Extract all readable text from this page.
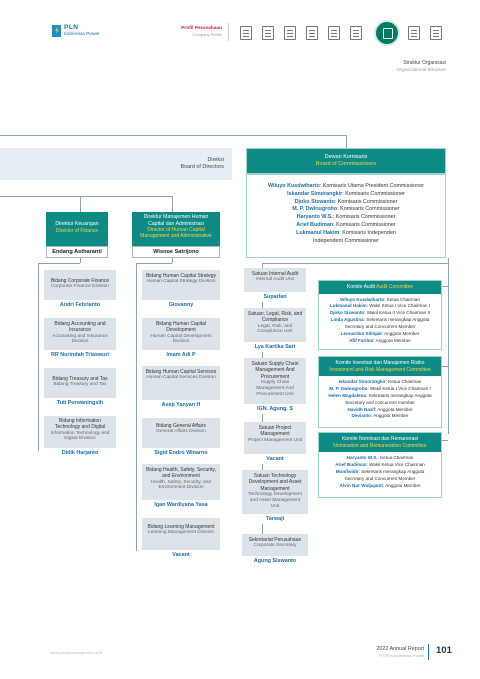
PLN
Indonesia Power
Profil Perusahaan
Company Profile
Struktur Organisasi
Organizational Structure
Direksi
Board of Directors
Direktur Keuangan
Director of Finance
Endang Astharanti
Direktur Manajemen Human Capital dan Administrasi
Director of Human Capital Management and Administrative
Wisnoe Satrijono
Bidang Corporate Finance
Corporate Finance Division
Andri Febrianto
Bidang Accounting and Insurance
Accounting and Insurance Division
RR Nurindah Triaswuri
Bidang Treasury and Tax
Bidang Treasury and Tax
Tuti Purwaningsih
Bidang Information Technology and Digital
Information Technology and Digital Division
Didik Harjanto
Bidang Human Capital Strategy
Human Capital Strategy Division
Giovanny
Bidang Human Capital Development
Human Capital Development Division
Imam Adi P
Bidang Human Capital Services
Human Capital Services Division
Asep Yanyan H
Bidang General Affairs
General Affairs Division
Sigid Endro Winarno
Bidang Health, Safety, Security, and Environment
Health, Safety, Security, and Environment Division
Igan Wardiyana Yasa
Bidang Learning Management
Learning Management Division
Vacant
Satuan Internal Audit
Internal Audit Unit
Suparlan
Satuan, Legal, Risk, and Compliance
Legal, Risk, and Compliance Unit
Lya Kartika Sari
Satuan Supply Chain Management And Procurement
Supply Chain Management And Procurement Unit
IGN. Agung. S
Satuan Project Management
Project Management Unit
Vacant
Satuan Technology Development and Asset Management
Technology Development and Asset Management Unit
Tarwaji
Sekretariat Perusahaan
Corporate Secretary
Agung Siswanto
Dewan Komisaris
Board of Commissioners
Wiluyo Kusdwiharto: Komisaris Utama President Commissioner
Iskandar Simorangkir: Komisaris Commissioner
Djoko Siswanto: Komisaris Commissioner
M. P. Dwinugroho: Komisaris Commissioner
Haryanto W.S.: Komisaris Commissioner
Arief Budiman: Komisaris Commissioner
Lukmanul Hakim: Komisaris Independen
Independent Commissioner
Komite Audit Audit Committee
Wiluyo Kusdwiharto: Ketua Chairman
Lukmanul Hakim: Wakil Ketua I Vice Chairman I
Djoko Siswanto: Wakil Ketua II Vice Chairman II
Linda Agustina: Sekretaris merangkap Anggota
Secretary and Concurrent Member
Leonardus Sitinjak: Anggota Member
Afif Farihin: Anggota Member
Komite Investasi dan Manajemen Risiko
Investment and Risk Management Committee
Iskandar Simorangkir: Ketua Chairman
M. P. Dwinugroho: Wakil Ketua I Vice Chairman I
Helen Magdalena: Sekretaris merangkap Anggota
Secretary and concurrent member
Havidh Nazif: Anggota Member
Devianto: Anggota Member
Komite Nominasi dan Remunerasi
Nomination and Remuneration Committee
Haryanto W.S.: Ketua Chairman
Arief Budiman: Wakil Ketua Vice Chairman
Munifwidir: Sekretaris merangkap Anggota
Secretary and Concurrent Member
Alvin Nur Widjajanti: Anggota Member
www.plnindonesiapower.co.id
2022 Annual Report
PT PLN Indonesia Power 101
